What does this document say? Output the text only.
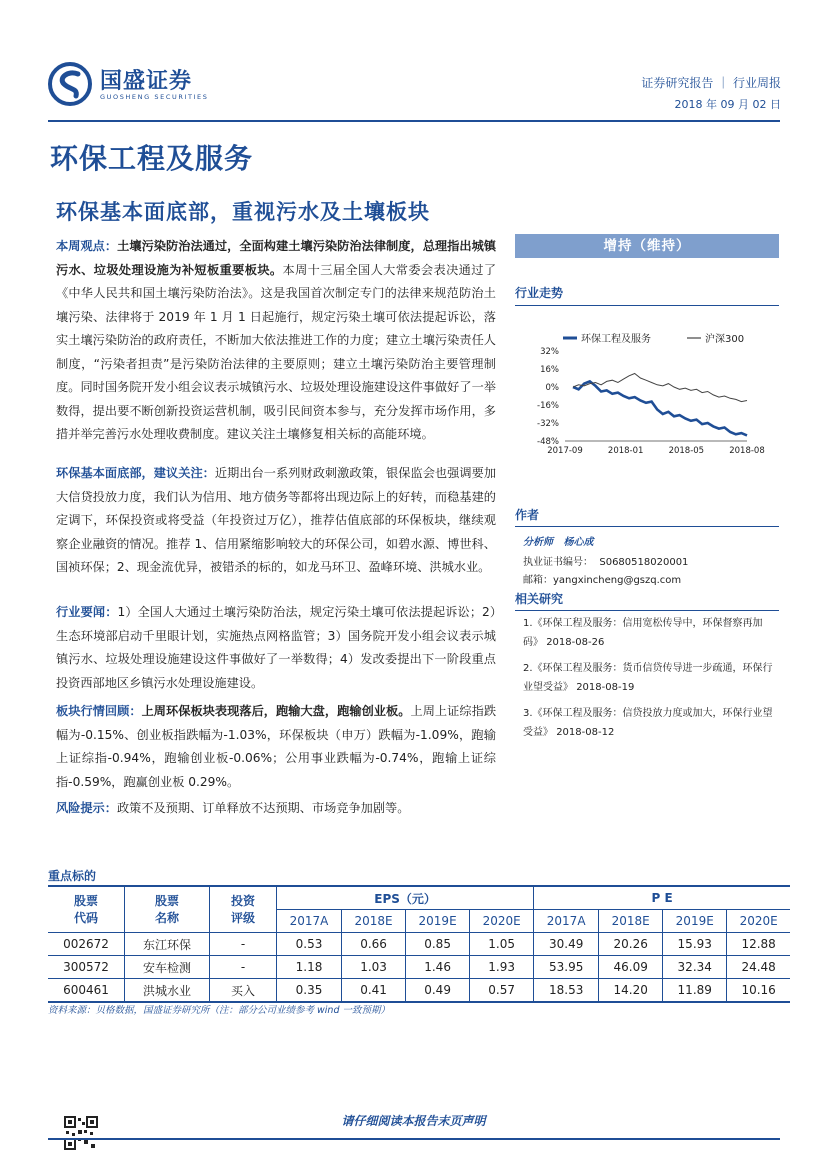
国盛证券
GUOSHENG SECURITIES
证券研究报告 ｜ 行业周报
2018 年 09 月 02 日
环保工程及服务
环保基本面底部，重视污水及土壤板块
本周观点：土壤污染防治法通过，全面构建土壤污染防治法律制度，总理指出城镇污水、垃圾处理设施为补短板重要板块。本周十三届全国人大常委会表决通过了《中华人民共和国土壤污染防治法》。这是我国首次制定专门的法律来规范防治土壤污染、法律将于 2019 年 1 月 1 日起施行，规定污染土壤可依法提起诉讼，落实土壤污染防治的政府责任，不断加大依法推进工作的力度；建立土壤污染责任人制度，“污染者担责”是污染防治法律的主要原则；建立土壤污染防治主要管理制度。同时国务院开发小组会议表示城镇污水、垃圾处理设施建设这件事做好了一举数得，提出要不断创新投资运营机制，吸引民间资本参与，充分发挥市场作用，多措并举完善污水处理收费制度。建议关注土壤修复相关标的高能环境。
环保基本面底部，建议关注：近期出台一系列财政刺激政策，银保监会也强调要加大信贷投放力度，我们认为信用、地方债务等都将出现边际上的好转，而稳基建的定调下，环保投资或将受益（年投资过万亿），推荐估值底部的环保板块，继续观察企业融资的情况。推荐 1、信用紧缩影响较大的环保公司，如碧水源、博世科、国祯环保；2、现金流优异，被错杀的标的，如龙马环卫、盈峰环境、洪城水业。
行业要闻：1）全国人大通过土壤污染防治法，规定污染土壤可依法提起诉讼；2）生态环境部启动千里眼计划，实施热点网格监管；3）国务院开发小组会议表示城镇污水、垃圾处理设施建设这件事做好了一举数得；4）发改委提出下一阶段重点投资西部地区乡镇污水处理设施建设。
板块行情回顾：上周环保板块表现落后，跑输大盘，跑输创业板。上周上证综指跌幅为-0.15%、创业板指跌幅为-1.03%，环保板块（申万）跌幅为-1.09%，跑输上证综指-0.94%，跑输创业板-0.06%；公用事业跌幅为-0.74%，跑输上证综指-0.59%，跑赢创业板 0.29%。
风险提示：政策不及预期、订单释放不达预期、市场竞争加剧等。
增持（维持）
行业走势
环保工程及服务	沪深300
32%
16%
0%
-16%
-32%
-48%
2017-09	2018-01	2018-05	2018-08
作者
分析师 杨心成
执业证书编号： S0680518020001
邮箱：yangxincheng@gszq.com
相关研究
1.《环保工程及服务：信用宽松传导中，环保督察再加码》 2018-08-26
2.《环保工程及服务：货币信贷传导进一步疏通，环保行业望受益》 2018-08-19
3.《环保工程及服务：信贷投放力度或加大，环保行业望受益》 2018-08-12
重点标的
股票代码	股票名称	投资评级	EPS（元）				P E			
			2017A	2018E	2019E	2020E	2017A	2018E	2019E	2020E
002672	东江环保	-	0.53	0.66	0.85	1.05	30.49	20.26	15.93	12.88
300572	安车检测	-	1.18	1.03	1.46	1.93	53.95	46.09	32.34	24.48
600461	洪城水业	买入	0.35	0.41	0.49	0.57	18.53	14.20	11.89	10.16
资料来源：贝格数据，国盛证券研究所（注：部分公司业绩参考 wind 一致预期）
请仔细阅读本报告末页声明
